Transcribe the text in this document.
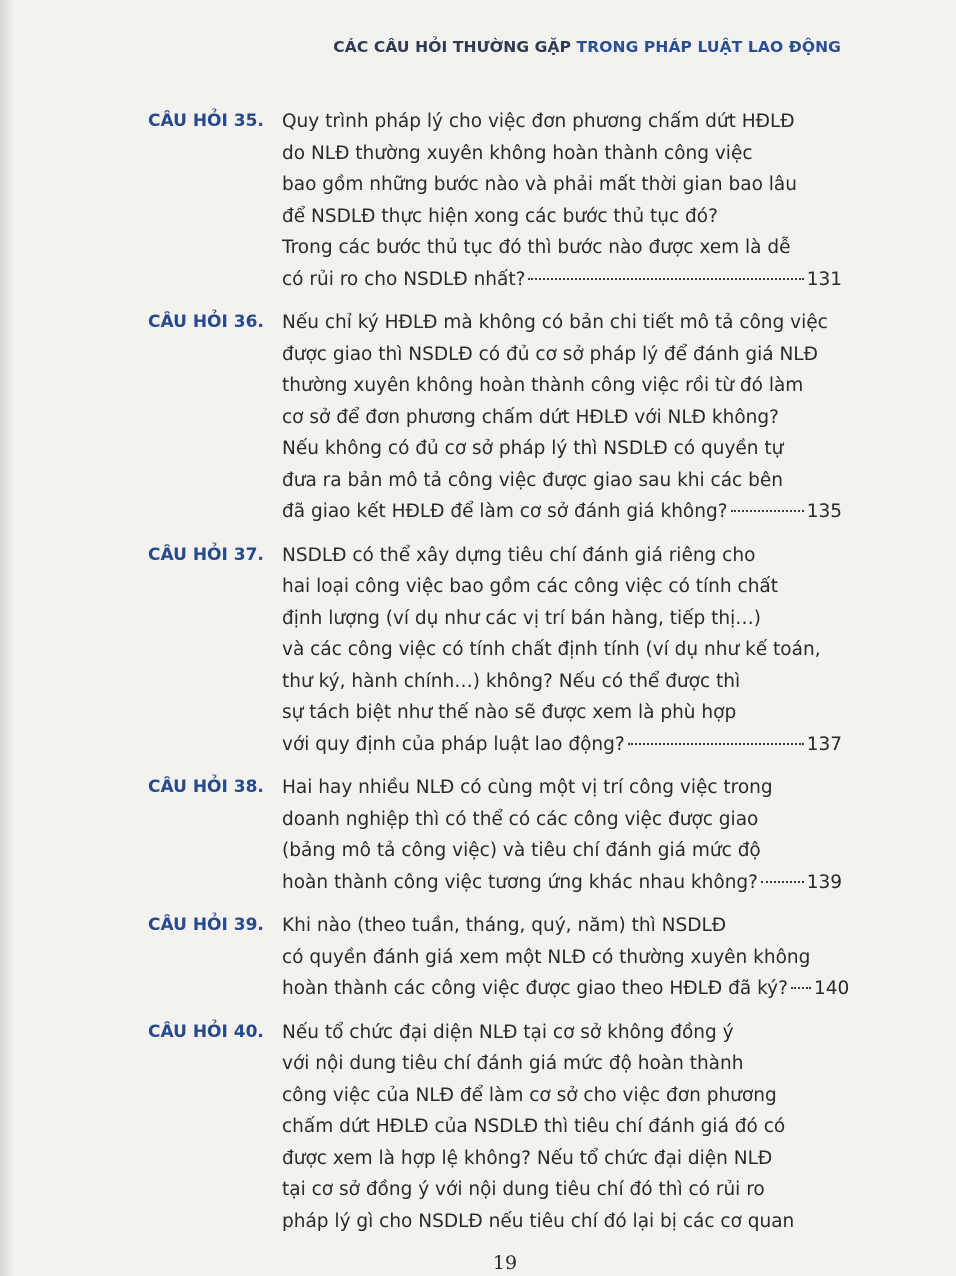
CÁC CÂU HỎI THƯỜNG GẶP TRONG PHÁP LUẬT LAO ĐỘNG
CÂU HỎI 35. Quy trình pháp lý cho việc đơn phương chấm dứt HĐLĐ
do NLĐ thường xuyên không hoàn thành công việc
bao gồm những bước nào và phải mất thời gian bao lâu
để NSDLĐ thực hiện xong các bước thủ tục đó?
Trong các bước thủ tục đó thì bước nào được xem là dễ
có rủi ro cho NSDLĐ nhất?	131
CÂU HỎI 36. Nếu chỉ ký HĐLĐ mà không có bản chi tiết mô tả công việc
được giao thì NSDLĐ có đủ cơ sở pháp lý để đánh giá NLĐ
thường xuyên không hoàn thành công việc rồi từ đó làm
cơ sở để đơn phương chấm dứt HĐLĐ với NLĐ không?
Nếu không có đủ cơ sở pháp lý thì NSDLĐ có quyền tự
đưa ra bản mô tả công việc được giao sau khi các bên
đã giao kết HĐLĐ để làm cơ sở đánh giá không?	135
CÂU HỎI 37. NSDLĐ có thể xây dựng tiêu chí đánh giá riêng cho
hai loại công việc bao gồm các công việc có tính chất
định lượng (ví dụ như các vị trí bán hàng, tiếp thị…)
và các công việc có tính chất định tính (ví dụ như kế toán,
thư ký, hành chính…) không? Nếu có thể được thì
sự tách biệt như thế nào sẽ được xem là phù hợp
với quy định của pháp luật lao động?	137
CÂU HỎI 38. Hai hay nhiều NLĐ có cùng một vị trí công việc trong
doanh nghiệp thì có thể có các công việc được giao
(bảng mô tả công việc) và tiêu chí đánh giá mức độ
hoàn thành công việc tương ứng khác nhau không?	139
CÂU HỎI 39. Khi nào (theo tuần, tháng, quý, năm) thì NSDLĐ
có quyền đánh giá xem một NLĐ có thường xuyên không
hoàn thành các công việc được giao theo HĐLĐ đã ký? 140
CÂU HỎI 40. Nếu tổ chức đại diện NLĐ tại cơ sở không đồng ý
với nội dung tiêu chí đánh giá mức độ hoàn thành
công việc của NLĐ để làm cơ sở cho việc đơn phương
chấm dứt HĐLĐ của NSDLĐ thì tiêu chí đánh giá đó có
được xem là hợp lệ không? Nếu tổ chức đại diện NLĐ
tại cơ sở đồng ý với nội dung tiêu chí đó thì có rủi ro
pháp lý gì cho NSDLĐ nếu tiêu chí đó lại bị các cơ quan
19
